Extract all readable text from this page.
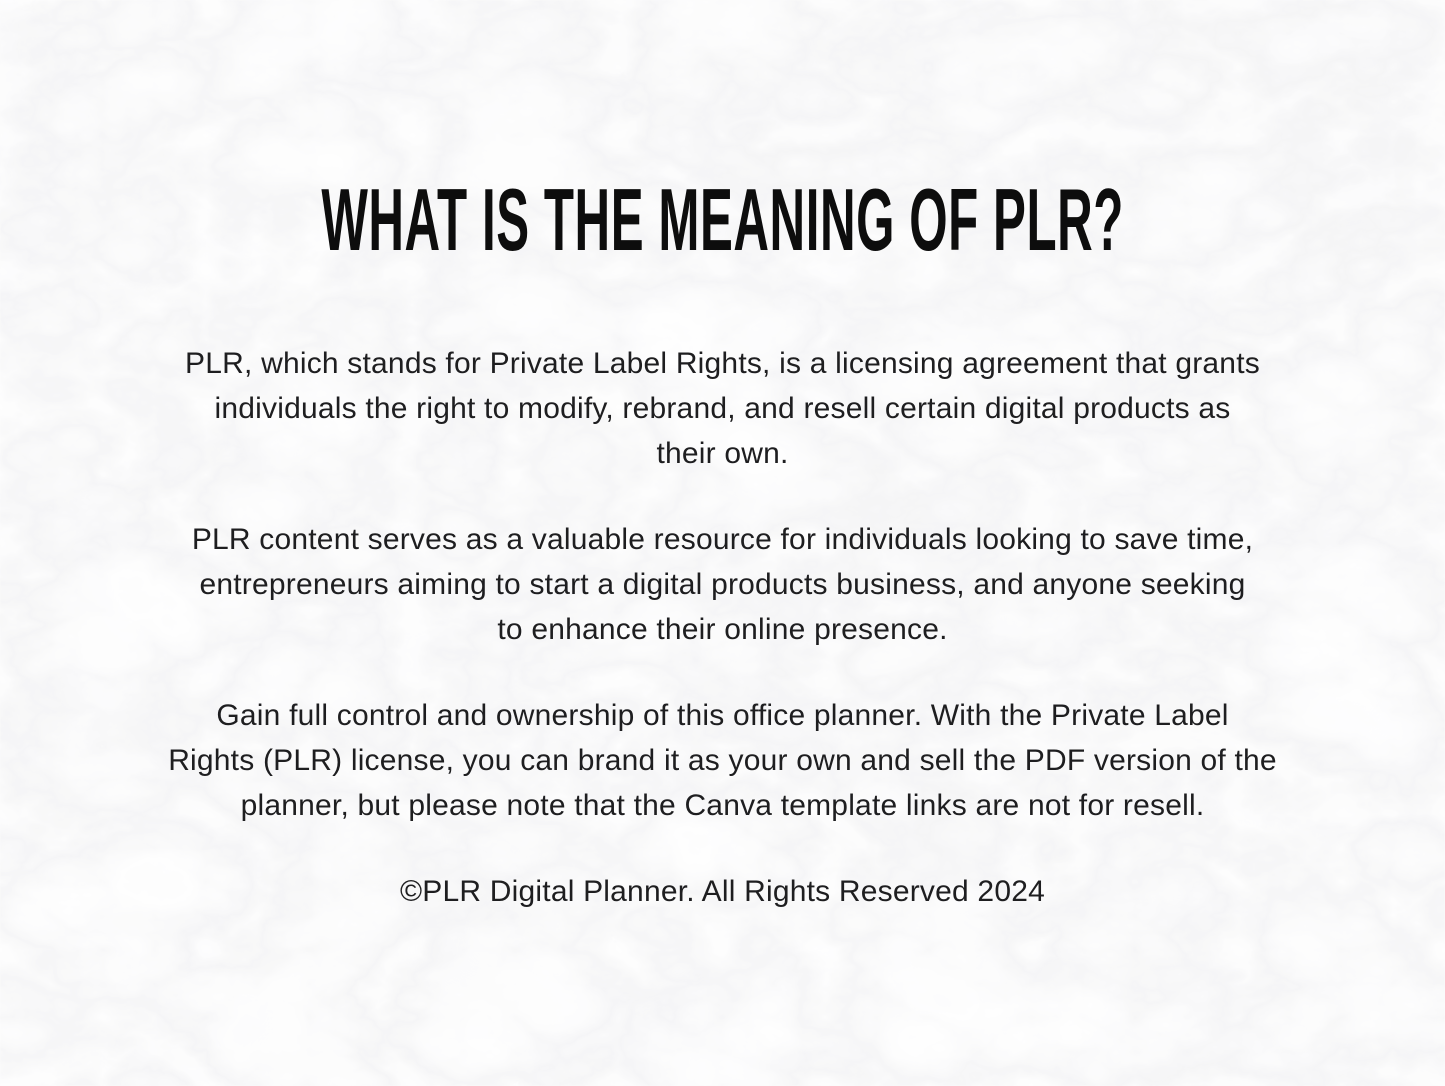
WHAT IS THE MEANING OF PLR?
PLR, which stands for Private Label Rights, is a licensing agreement that grants
individuals the right to modify, rebrand, and resell certain digital products as
their own.
PLR content serves as a valuable resource for individuals looking to save time,
entrepreneurs aiming to start a digital products business, and anyone seeking
to enhance their online presence.
Gain full control and ownership of this office planner. With the Private Label
Rights (PLR) license, you can brand it as your own and sell the PDF version of the
planner, but please note that the Canva template links are not for resell.
©PLR Digital Planner. All Rights Reserved 2024
